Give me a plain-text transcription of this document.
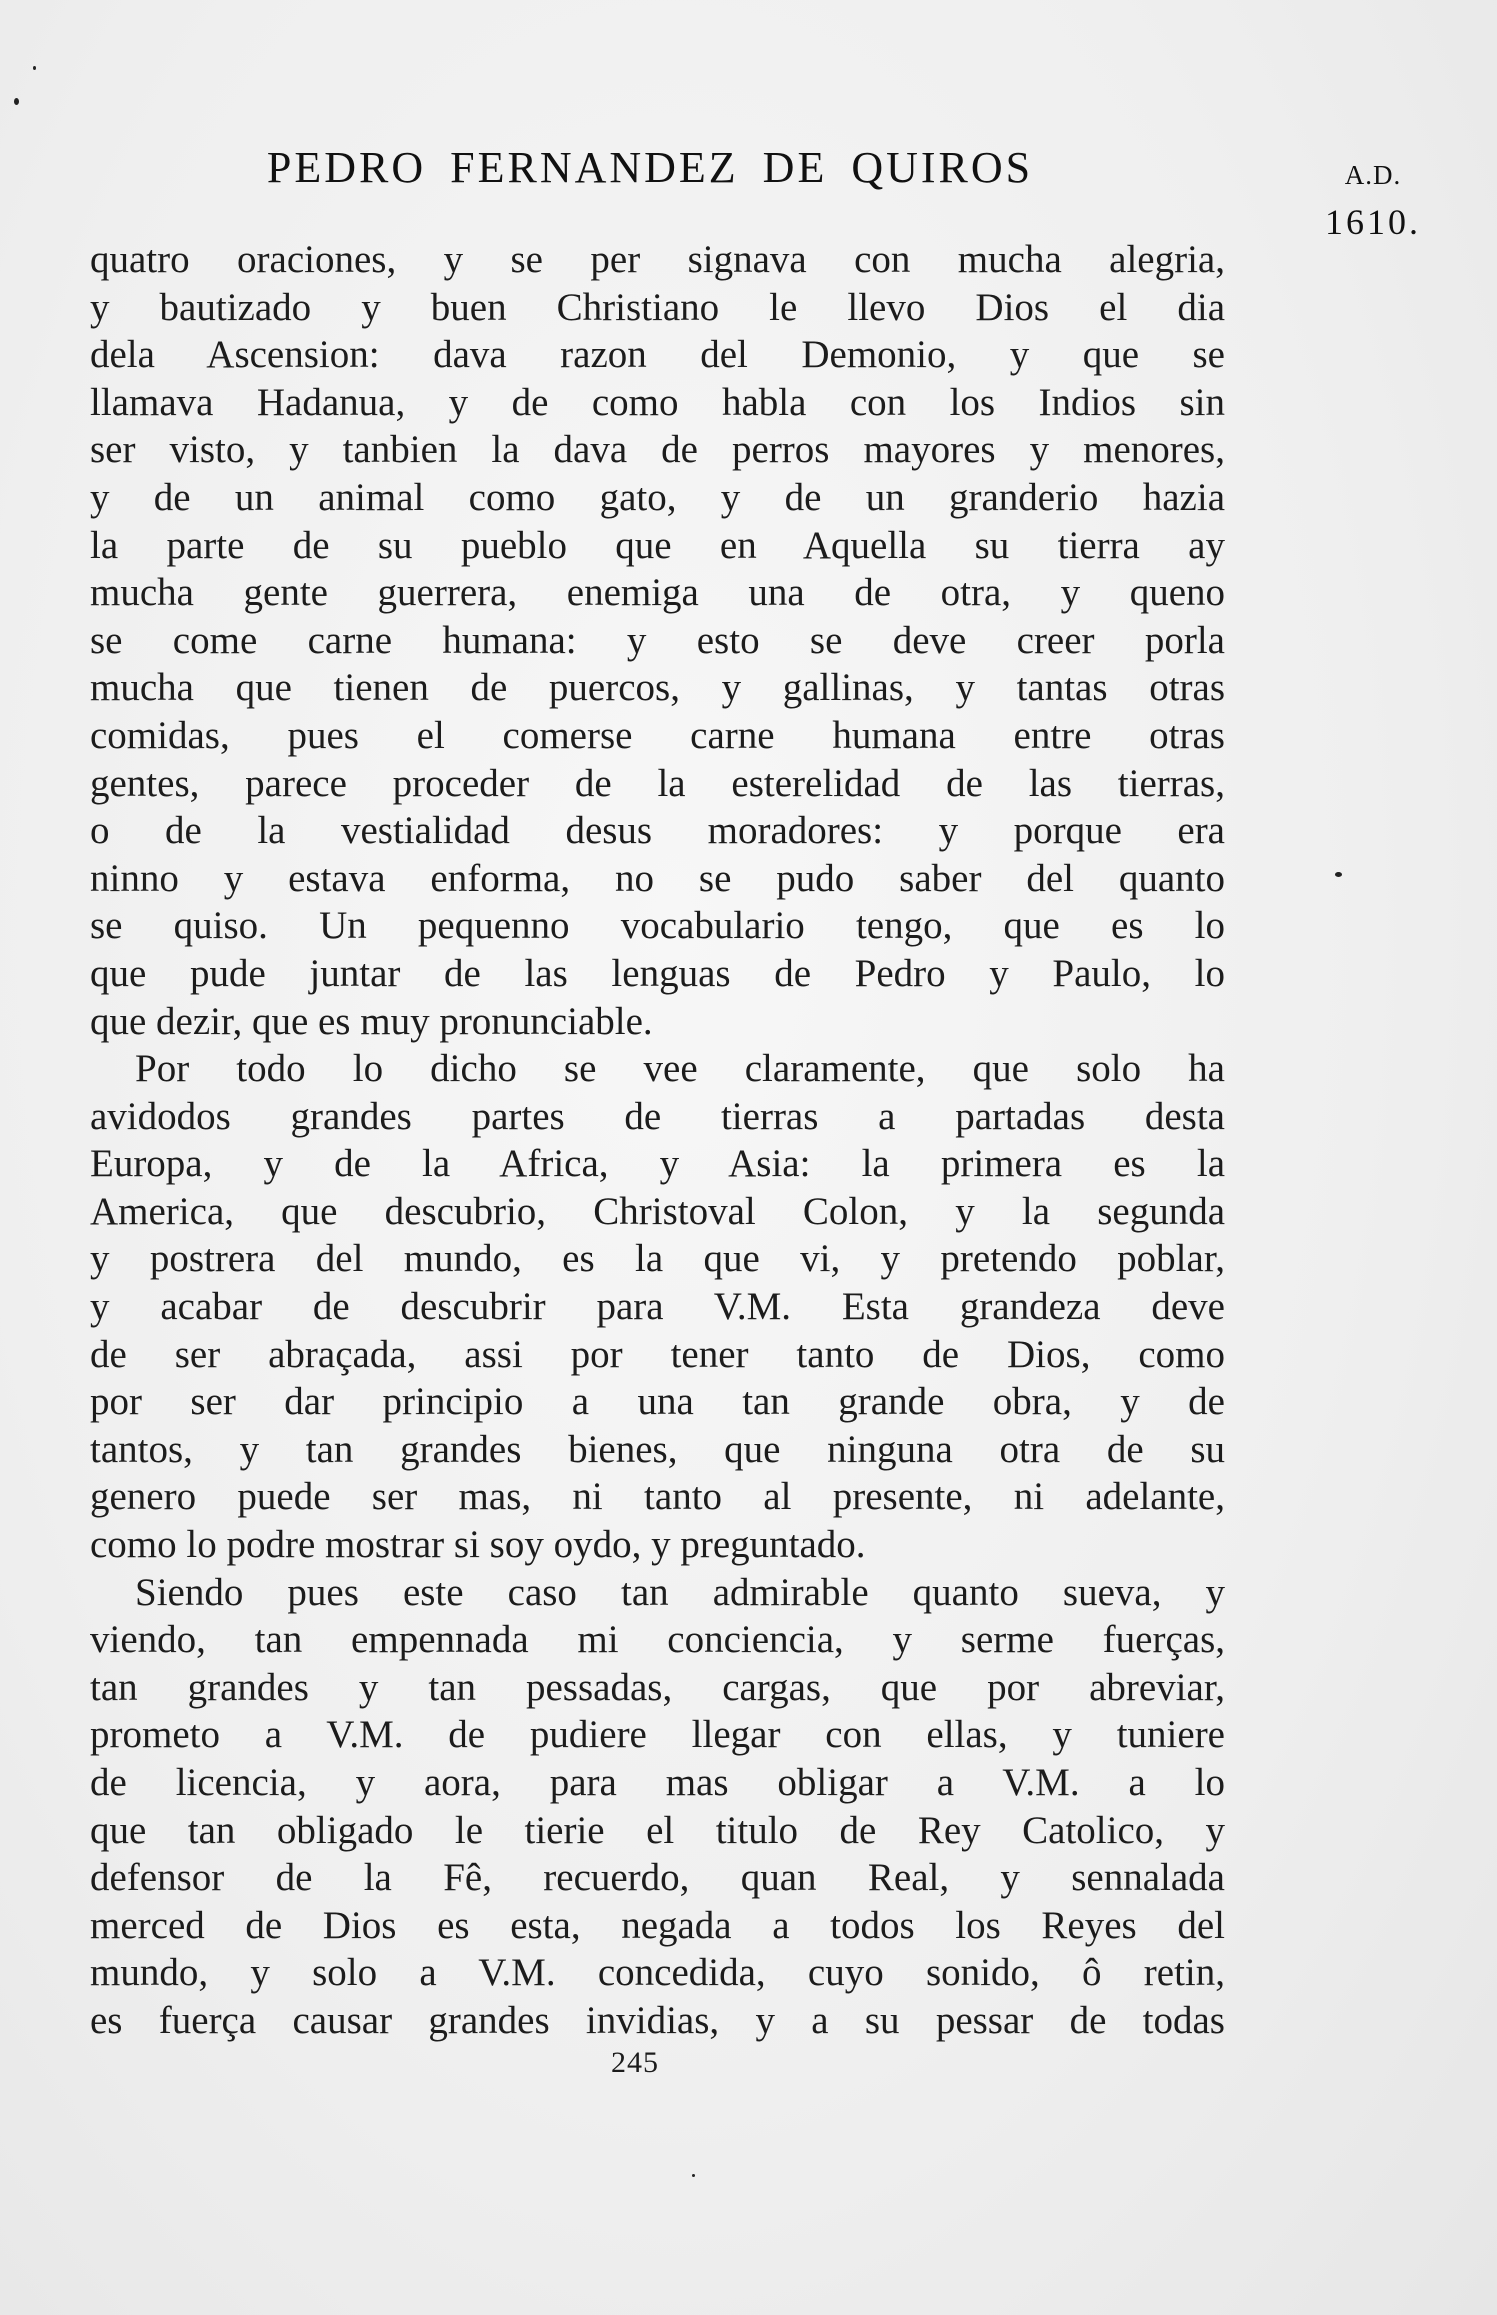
PEDRO FERNANDEZ DE QUIROS	A.D.
1610.
quatro oraciones, y se per signava con mucha alegria,
y bautizado y buen Christiano le llevo Dios el dia
dela Ascension: dava razon del Demonio, y que se
llamava Hadanua, y de como habla con los Indios sin
ser visto, y tanbien la dava de perros mayores y menores,
y de un animal como gato, y de un granderio hazia
la parte de su pueblo que en Aquella su tierra ay
mucha gente guerrera, enemiga una de otra, y queno
se come carne humana: y esto se deve creer porla
mucha que tienen de puercos, y gallinas, y tantas otras
comidas, pues el comerse carne humana entre otras
gentes, parece proceder de la esterelidad de las tierras,
o de la vestialidad desus moradores: y porque era
ninno y estava enforma, no se pudo saber del quanto
se quiso. Un pequenno vocabulario tengo, que es lo
que pude juntar de las lenguas de Pedro y Paulo, lo
que dezir, que es muy pronunciable.
Por todo lo dicho se vee claramente, que solo ha
avidodos grandes partes de tierras a partadas desta
Europa, y de la Africa, y Asia: la primera es la
America, que descubrio, Christoval Colon, y la segunda
y postrera del mundo, es la que vi, y pretendo poblar,
y acabar de descubrir para V.M. Esta grandeza deve
de ser abraçada, assi por tener tanto de Dios, como
por ser dar principio a una tan grande obra, y de
tantos, y tan grandes bienes, que ninguna otra de su
genero puede ser mas, ni tanto al presente, ni adelante,
como lo podre mostrar si soy oydo, y preguntado.
Siendo pues este caso tan admirable quanto sueva, y
viendo, tan empennada mi conciencia, y serme fuerças,
tan grandes y tan pessadas, cargas, que por abreviar,
prometo a V.M. de pudiere llegar con ellas, y tuniere
de licencia, y aora, para mas obligar a V.M. a lo
que tan obligado le tierie el titulo de Rey Catolico, y
defensor de la Fê, recuerdo, quan Real, y sennalada
merced de Dios es esta, negada a todos los Reyes del
mundo, y solo a V.M. concedida, cuyo sonido, ô retin,
es fuerça causar grandes invidias, y a su pessar de todas
245
